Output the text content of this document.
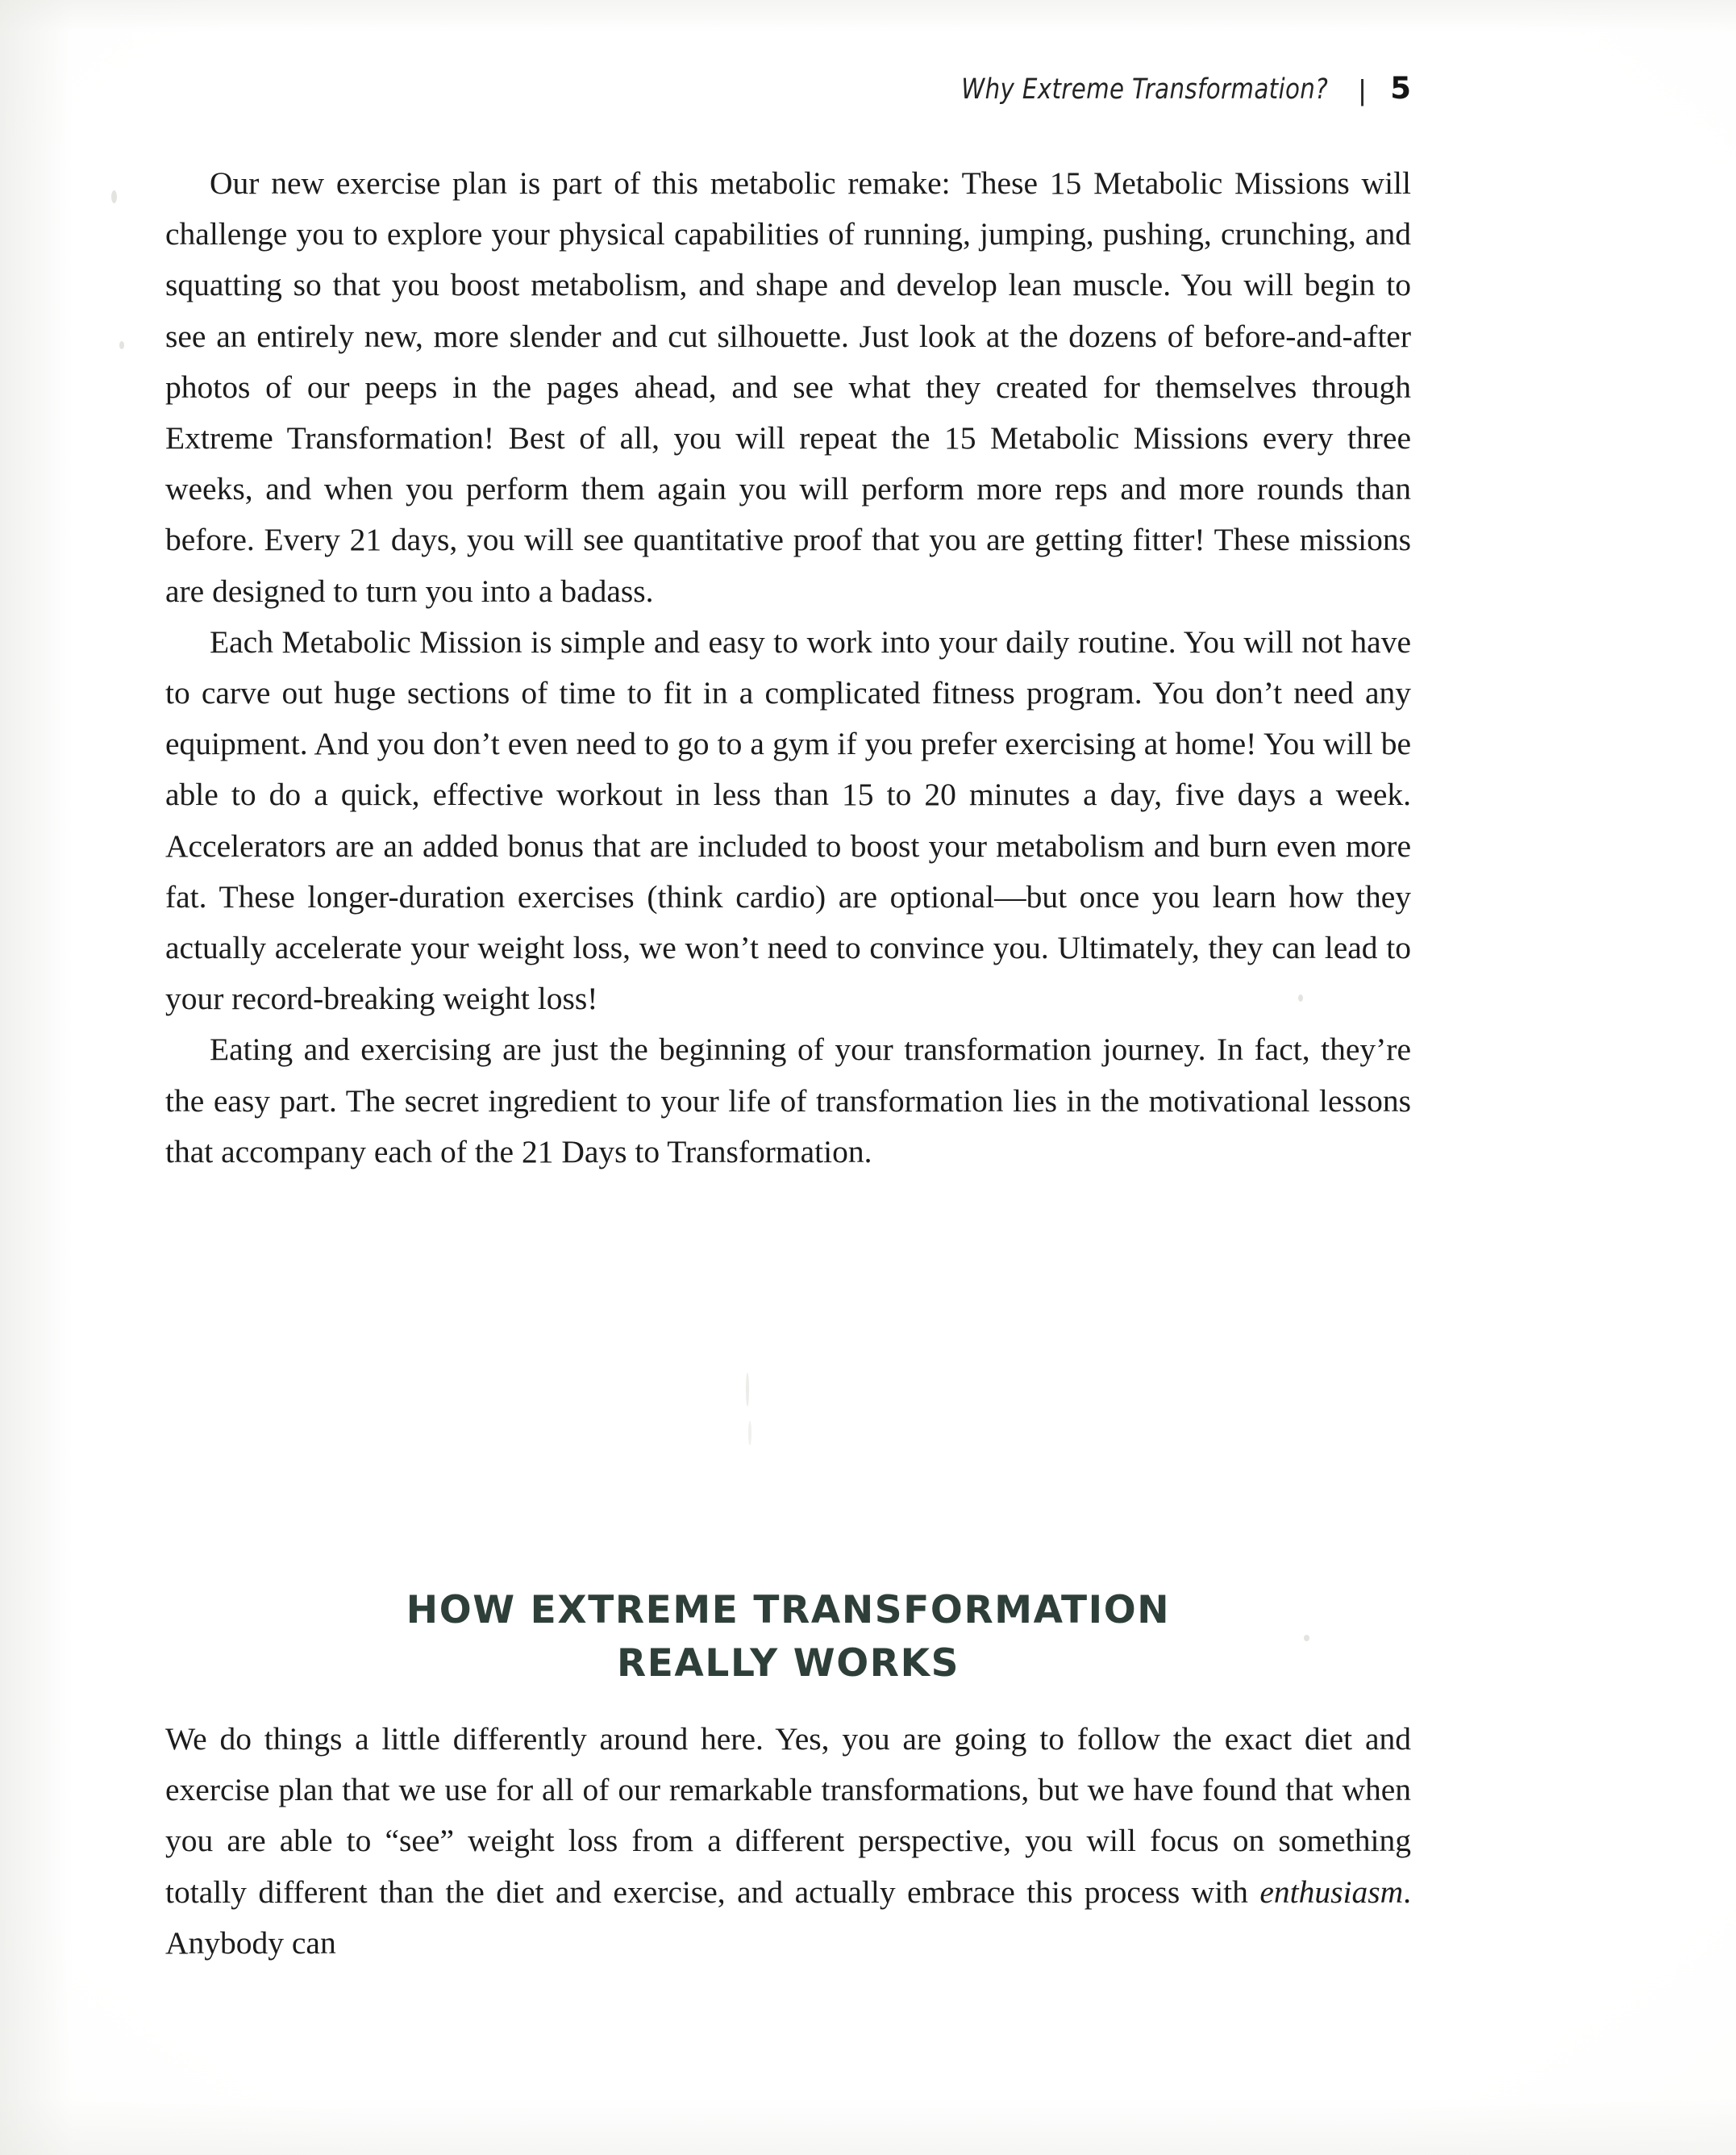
Why Extreme Transformation? | 5

Our new exercise plan is part of this metabolic remake: These 15 Metabolic Missions will challenge you to explore your physical capabilities of running, jumping, pushing, crunching, and squatting so that you boost metabolism, and shape and develop lean muscle. You will begin to see an entirely new, more slender and cut silhouette. Just look at the dozens of before-and-after photos of our peeps in the pages ahead, and see what they created for themselves through Extreme Transformation! Best of all, you will repeat the 15 Metabolic Missions every three weeks, and when you perform them again you will perform more reps and more rounds than before. Every 21 days, you will see quantitative proof that you are getting fitter! These missions are designed to turn you into a badass.

Each Metabolic Mission is simple and easy to work into your daily routine. You will not have to carve out huge sections of time to fit in a complicated fitness program. You don’t need any equipment. And you don’t even need to go to a gym if you prefer exercising at home! You will be able to do a quick, effective workout in less than 15 to 20 minutes a day, five days a week. Accelerators are an added bonus that are included to boost your metabolism and burn even more fat. These longer-duration exercises (think cardio) are optional—but once you learn how they actually accelerate your weight loss, we won’t need to convince you. Ultimately, they can lead to your record-breaking weight loss!

Eating and exercising are just the beginning of your transformation journey. In fact, they’re the easy part. The secret ingredient to your life of transformation lies in the motivational lessons that accompany each of the 21 Days to Transformation.

HOW EXTREME TRANSFORMATION
REALLY WORKS

We do things a little differently around here. Yes, you are going to follow the exact diet and exercise plan that we use for all of our remarkable transformations, but we have found that when you are able to “see” weight loss from a different perspective, you will focus on something totally different than the diet and exercise, and actually embrace this process with enthusiasm. Anybody can
